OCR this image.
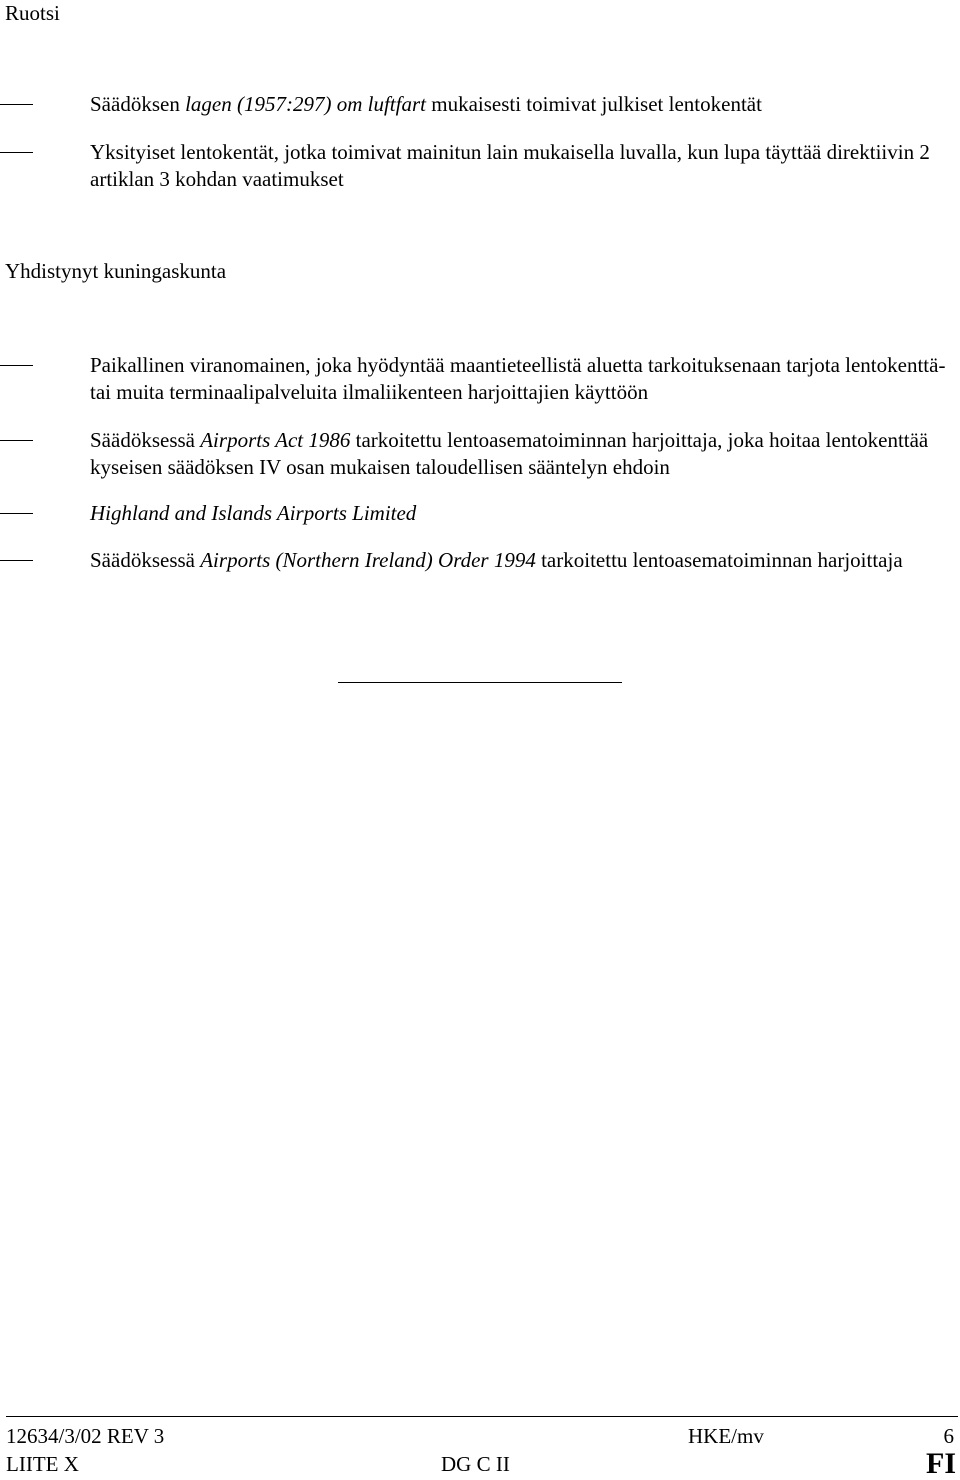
Ruotsi
Säädöksen lagen (1957:297) om luftfart mukaisesti toimivat julkiset lentokentät
Yksityiset lentokentät, jotka toimivat mainitun lain mukaisella luvalla, kun lupa täyttää direktiivin 2 artiklan 3 kohdan vaatimukset
Yhdistynyt kuningaskunta
Paikallinen viranomainen, joka hyödyntää maantieteellistä aluetta tarkoituksenaan tarjota lentokenttä- tai muita terminaalipalveluita ilmaliikenteen harjoittajien käyttöön
Säädöksessä Airports Act 1986 tarkoitettu lentoasematoiminnan harjoittaja, joka hoitaa lentokenttää kyseisen säädöksen IV osan mukaisen taloudellisen sääntelyn ehdoin
Highland and Islands Airports Limited
Säädöksessä Airports (Northern Ireland) Order 1994 tarkoitettu lentoasematoiminnan harjoittaja
12634/3/02 REV 3
LIITE X
HKE/mv
DG C II
6
FI
